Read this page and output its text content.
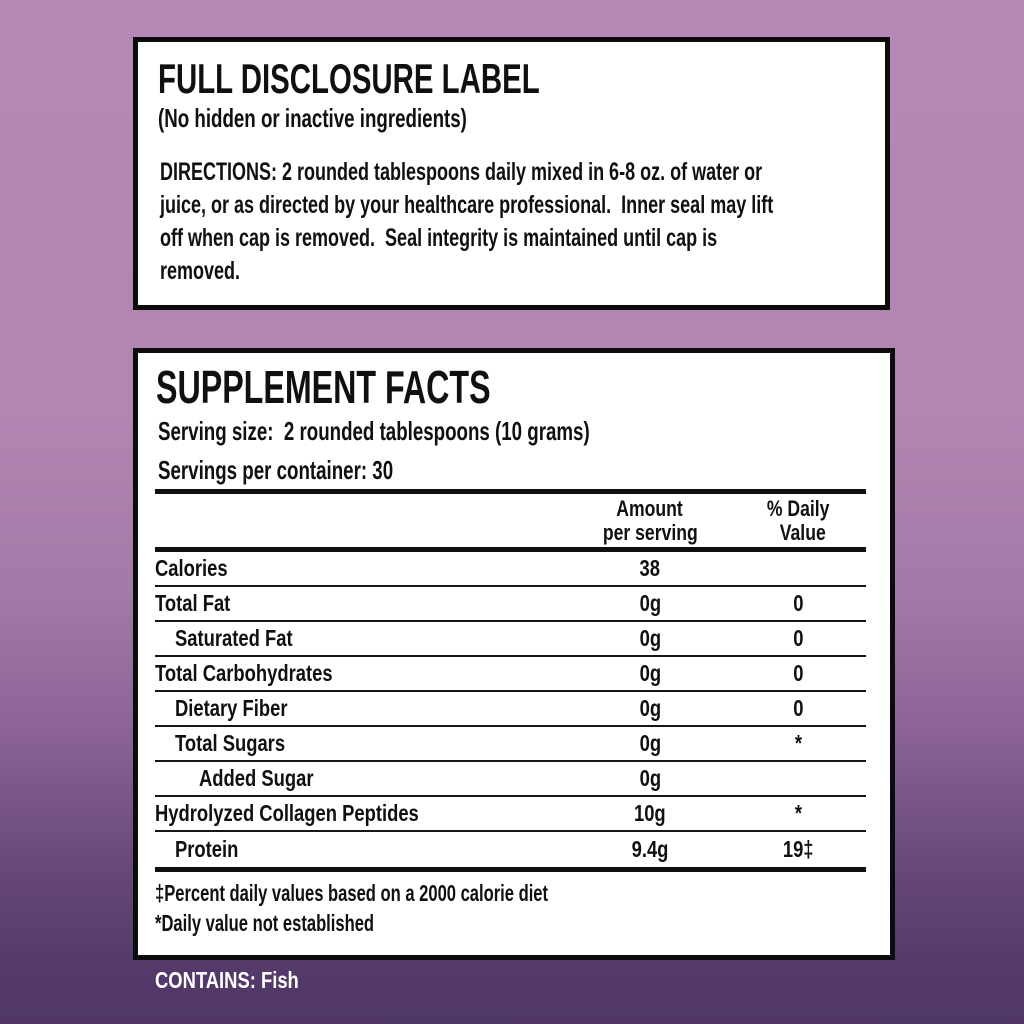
FULL DISCLOSURE LABEL
(No hidden or inactive ingredients)
DIRECTIONS: 2 rounded tablespoons daily mixed in 6-8 oz. of water or
juice, or as directed by your healthcare professional.  Inner seal may lift
off when cap is removed.  Seal integrity is maintained until cap is
removed.
SUPPLEMENT FACTS
Serving size:  2 rounded tablespoons (10 grams)
Servings per container: 30
Amount
per serving
% Daily
Value
Calories	38
Total Fat	0g	0
Saturated Fat	0g	0
Total Carbohydrates	0g	0
Dietary Fiber	0g	0
Total Sugars	0g	*
Added Sugar	0g
Hydrolyzed Collagen Peptides	10g	*
Protein	9.4g	19‡
‡Percent daily values based on a 2000 calorie diet
*Daily value not established
CONTAINS: Fish
